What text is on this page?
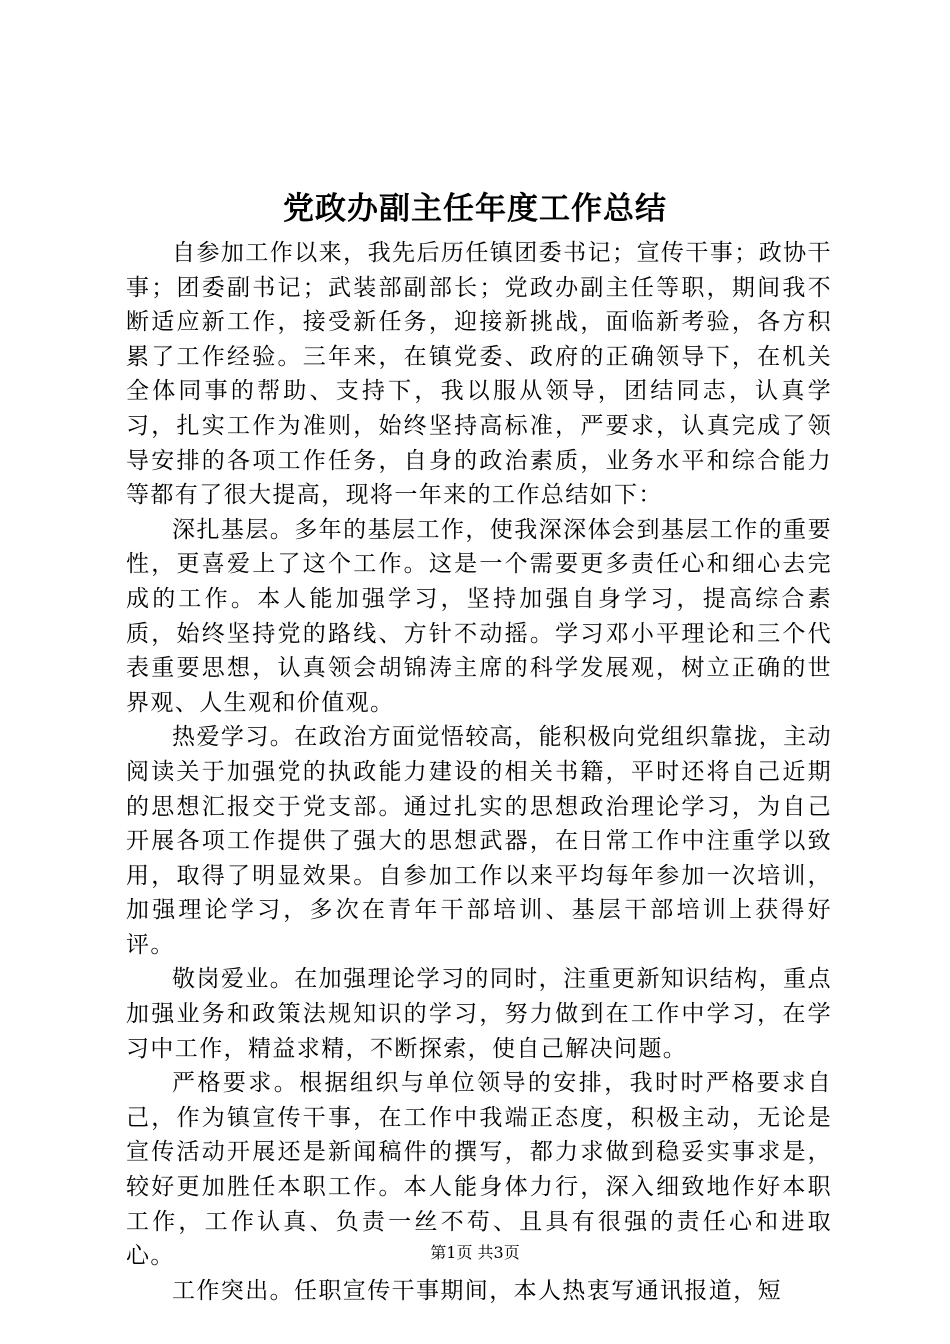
党政办副主任年度工作总结

自参加工作以来，我先后历任镇团委书记；宣传干事；政协干事；团委副书记；武装部副部长；党政办副主任等职，期间我不断适应新工作，接受新任务，迎接新挑战，面临新考验，各方积累了工作经验。三年来，在镇党委、政府的正确领导下，在机关全体同事的帮助、支持下，我以服从领导，团结同志，认真学习，扎实工作为准则，始终坚持高标准，严要求，认真完成了领导安排的各项工作任务，自身的政治素质，业务水平和综合能力等都有了很大提高，现将一年来的工作总结如下：

深扎基层。多年的基层工作，使我深深体会到基层工作的重要性，更喜爱上了这个工作。这是一个需要更多责任心和细心去完成的工作。本人能加强学习，坚持加强自身学习，提高综合素质，始终坚持党的路线、方针不动摇。学习邓小平理论和三个代表重要思想，认真领会胡锦涛主席的科学发展观，树立正确的世界观、人生观和价值观。

热爱学习。在政治方面觉悟较高，能积极向党组织靠拢，主动阅读关于加强党的执政能力建设的相关书籍，平时还将自己近期的思想汇报交于党支部。通过扎实的思想政治理论学习，为自己开展各项工作提供了强大的思想武器，在日常工作中注重学以致用，取得了明显效果。自参加工作以来平均每年参加一次培训，加强理论学习，多次在青年干部培训、基层干部培训上获得好评。

敬岗爱业。在加强理论学习的同时，注重更新知识结构，重点加强业务和政策法规知识的学习，努力做到在工作中学习，在学习中工作，精益求精，不断探索，使自己解决问题。

严格要求。根据组织与单位领导的安排，我时时严格要求自己，作为镇宣传干事，在工作中我端正态度，积极主动，无论是宣传活动开展还是新闻稿件的撰写，都力求做到稳妥实事求是，较好更加胜任本职工作。本人能身体力行，深入细致地作好本职工作，工作认真、负责一丝不苟、且具有很强的责任心和进取心。

工作突出。任职宣传干事期间，本人热衷写通讯报道，短

第1页 共3页
